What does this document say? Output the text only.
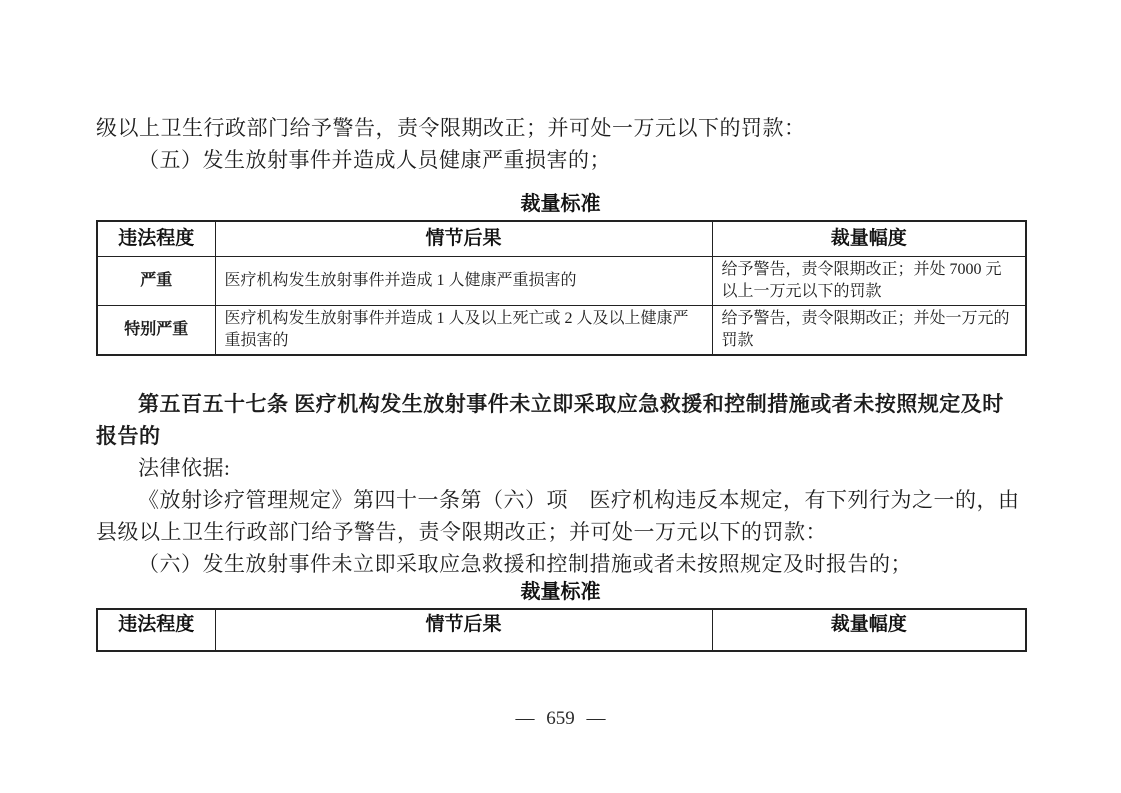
级以上卫生行政部门给予警告，责令限期改正；并可处一万元以下的罚款：

（五）发生放射事件并造成人员健康严重损害的；

裁量标准
违法程度	情节后果	裁量幅度
严重	医疗机构发生放射事件并造成 1 人健康严重损害的	给予警告，责令限期改正；并处 7000 元以上一万元以下的罚款
特别严重	医疗机构发生放射事件并造成 1 人及以上死亡或 2 人及以上健康严重损害的	给予警告，责令限期改正；并处一万元的罚款

第五百五十七条 医疗机构发生放射事件未立即采取应急救援和控制措施或者未按照规定及时报告的

法律依据:

《放射诊疗管理规定》第四十一条第（六）项　医疗机构违反本规定，有下列行为之一的，由县级以上卫生行政部门给予警告，责令限期改正；并可处一万元以下的罚款：

（六）发生放射事件未立即采取应急救援和控制措施或者未按照规定及时报告的；

裁量标准
违法程度	情节后果	裁量幅度
— 659 —
